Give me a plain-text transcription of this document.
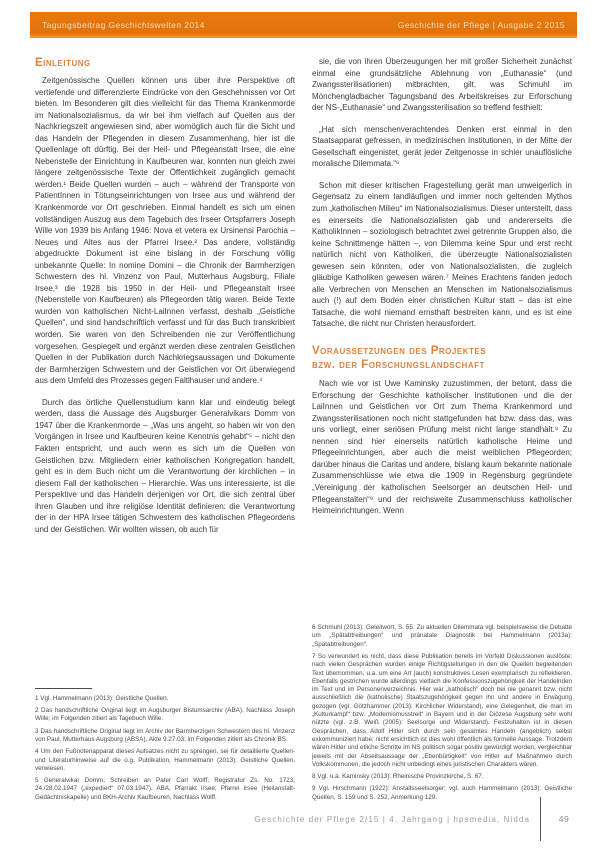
Tagungsbeitrag Geschichtswelten 2014	Geschichte der Pflege | Ausgabe 2 2015
Einleitung

Zeitgenössische Quellen können uns über ihre Perspektive oft vertiefende und differenzierte Eindrücke von den Geschehnissen vor Ort bieten. Im Besonderen gilt dies vielleicht für das Thema Krankenmorde im Nationalsozialismus, da wir bei ihm vielfach auf Quellen aus der Nachkriegszeit angewiesen sind, aber womöglich auch für die Sicht und das Handeln der Pflegenden in diesem Zusammenhang, hier ist die Quellenlage oft dürftig. Bei der Heil- und Pflegeanstalt Irsee, die eine Nebenstelle der Einrichtung in Kaufbeuren war, konnten nun gleich zwei längere zeitgenössische Texte der Öffentlichkeit zugänglich gemacht werden.¹ Beide Quellen wurden – auch – während der Transporte von PatientInnen in Tötungseinrichtungen von Irsee aus und während der Krankenmorde vor Ort geschrieben. Einmal handelt es sich um einen vollständigen Auszug aus dem Tagebuch des Irseer Ortspfarrers Joseph Wille von 1939 bis Anfang 1946: Nova et vetera ex Ursinensi Parochia – Neues und Altes aus der Pfarrei Irsee.² Das andere, vollständig abgedruckte Dokument ist eine bislang in der Forschung völlig unbekannte Quelle: In nomine Domini – die Chronik der Barmherzigen Schwestern des hl. Vinzenz von Paul, Mutterhaus Augsburg, Filiale Irsee,³ die 1928 bis 1950 in der Heil- und Pflegeanstalt Irsee (Nebenstelle von Kaufbeuren) als Pflegeorden tätig waren. Beide Texte wurden von katholischen Nicht-LaiInnen verfasst, deshalb „Geistliche Quellen“, und sind handschriftlich verfasst und für das Buch transkribiert worden. Sie waren von den Schreibenden nie zur Veröffentlichung vorgesehen. Gespiegelt und ergänzt werden diese zentralen Geistlichen Quellen in der Publikation durch Nachkriegsaussagen und Dokumente der Barmherzigen Schwestern und der Geistlichen vor Ort überwiegend aus dem Umfeld des Prozesses gegen Faltlhauser und andere.⁴

Durch das örtliche Quellenstudium kann klar und eindeutig belegt werden, dass die Aussage des Augsburger Generalvikars Domm von 1947 über die Krankenmorde – „Was uns angeht, so haben wir von den Vorgängen in Irsee und Kaufbeuren keine Kenntnis gehabt“⁵ – nicht den Fakten entspricht, und auch wenn es sich um die Quellen von Geistlichen bzw. Mitgliedern einer katholischen Kongregation handelt, geht es in dem Buch nicht um die Verantwortung der kirchlichen – in diesem Fall der katholischen – Hierarchie. Was uns interessierte, ist die Perspektive und das Handeln derjenigen vor Ort, die sich zentral über ihren Glauben und ihre religiöse Identität definieren: die Verantwortung der in der HPA Irsee tätigen Schwestern des katholischen Pflegeordens und der Geistlichen. Wir wollten wissen, ob auch für

1 Vgl. Hammelmann (2013): Geistliche Quellen.

2 Das handschriftliche Original liegt im Augsburger Bistumsarchiv (ABA), Nachlass Joseph Wille; im Folgenden zitiert als Tagebuch Wille.

3 Das handschriftliche Original liegt im Archiv der Barmherzigen Schwestern des hl. Vinzenz von Paul, Mutterhaus Augsburg (ABSA), Akte 9.27.03; im Folgenden zitiert als Chronik BS.

4 Um den Fußnotenapparat dieses Aufsatzes nicht zu sprengen, sei für detaillierte Quellen- und Literaturhinweise auf die o.g. Publikation, Hammelmann (2013): Geistliche Quellen, verwiesen.

5 Generalvikar Domm, Schreiben an Pater Carl Wolff, Registratur Zs. No. 1723, 24./28.02.1947 („expediert“ 07.03.1947), ABA, Pfarrakt Irsee, Pfarrei Irsee (Heilanstalt-Gedächtniskapelle) und BKH-Archiv Kaufbeuren, Nachlass Wolff.

sie, die von ihren Überzeugungen her mit großer Sicherheit zunächst einmal eine grundsätzliche Ablehnung von „Euthanasie“ (und Zwangssterilisationen) mitbrachten, gilt, was Schmuhl im Mönchengladbacher Tagungsband des Arbeitskreises zur Erforschung der NS-„Euthanasie“ und Zwangssterilisation so treffend festhielt:

„Hat sich menschenverachtendes Denken erst einmal in den Staatsapparat gefressen, in medizinischen Institutionen, in der Mitte der Gesellschaft eingenistet, gerät jeder Zeitgenosse in schier unauflösliche moralische Dilemmata.“⁶

Schon mit dieser kritischen Fragestellung gerät man unweigerlich in Gegensatz zu einem landläufigen und immer noch geltenden Mythos zum „katholischen Milieu“ im Nationalsozialismus. Dieser unterstellt, dass es einerseits die Nationalsozialisten gab und andererseits die KatholikInnen – soziologisch betrachtet zwei getrennte Gruppen also, die keine Schnittmenge hätten –, von Dilemma keine Spur und erst recht natürlich nicht von Katholiken, die überzeugte Nationalsozialisten gewesen sein könnten, oder von Nationalsozialisten, die zugleich gläubige Katholiken gewesen wären.⁷ Meines Erachtens fanden jedoch alle Verbrechen von Menschen an Menschen im Nationalsozialismus auch (!) auf dem Boden einer christlichen Kultur statt – das ist eine Tatsache, die wohl niemand ernsthaft bestreiten kann, und es ist eine Tatsache, die nicht nur Christen herausfordert.

Voraussetzungen des Projektes
bzw. der Forschungslandschaft

Nach wie vor ist Uwe Kaminsky zuzustimmen, der betont, dass die Erforschung der Geschichte katholischer Institutionen und die der LaiInnen und Geistlichen vor Ort zum Thema Krankenmord und Zwangssterilisationen noch nicht stattgefunden hat bzw. dass das, was uns vorliegt, einer seriösen Prüfung meist nicht lange standhält.⁸ Zu nennen sind hier einerseits natürlich katholische Heime und Pflegeeinrichtungen, aber auch die meist weiblichen Pflegeorden; darüber hinaus die Caritas und andere, bislang kaum bekannte nationale Zusammenschlüsse wie etwa die 1909 in Regensburg gegründete „Vereinigung der katholischen Seelsorger an deutschen Heil- und Pflegeanstalten“⁹ und der reichsweite Zusammenschluss katholischer Heimeinrichtungen. Wenn

6 Schmuhl (2013): Geleitwort, S. 55. Zu aktuellen Dilemmata vgl. beispielsweise die Debatte um „Spätabtreibungen“ und pränatale Diagnostik bei Hammelmann (2013a): „Spätabtreibungen“.

7 So verwundert es nicht, dass diese Publikation bereits im Vorfeld Diskussionen auslöste; nach vielen Gesprächen wurden einige Richtigstellungen in den die Quellen begleitenden Text übernommen, u.a. um eine Art (auch) konstruktives Lesen exemplarisch zu reflektieren. Ebenfalls gestrichen wurde allerdings vielfach die Konfessionszugehörigkeit der Handelnden im Text und im Personenverzeichnis. Hier war „katholisch“ doch bei nie genannt bzw. nicht ausschließlich die (katholische) Staatszugehörigkeit gegen ihn und andere in Erwägung gezogen (vgl. Götzhammer (2013): Kirchlicher Widerstand), eine Gelegenheit, die man im „Kulturkampf“ bzw. „Modernismusstreit“ in Bayern und in der Diözese Augsburg sehr wohl nützte (vgl. z.B. Weiß (2005): Seelsorge und Widerstand). Festzuhalten ist in diesen Gesprächen, dass Adolf Hitler sich durch sein gesamtes Handeln (angeblich) selbst exkommuniziert habe; nicht ersichtlich ist dies wohl öffentlich als formelle Aussage. Trotzdem wären Hitler und etliche Schritte im NS politisch sogar positiv gewürdigt worden, vergleichbar jeweils mit der Abseitsaussage der „Ebenbürtigkeit“ von Hitler auf Maßnahmen durch Volkskommunen, die jedoch nicht unbedingt eines juristischen Charakters wären.

8 Vgl. u.a. Kaminsky (2013): Rheinische Provinzkirche, S. 67.

9 Vgl. Hirschmann (1922): Anstaltsseelsorger; vgl. auch Hammelmann (2013): Geistliche Quellen, S. 159 und S. 252, Anmerkung 129.

Geschichte der Pflege 2/15 | 4. Jahrgang | hpsmedia, Nidda	49
